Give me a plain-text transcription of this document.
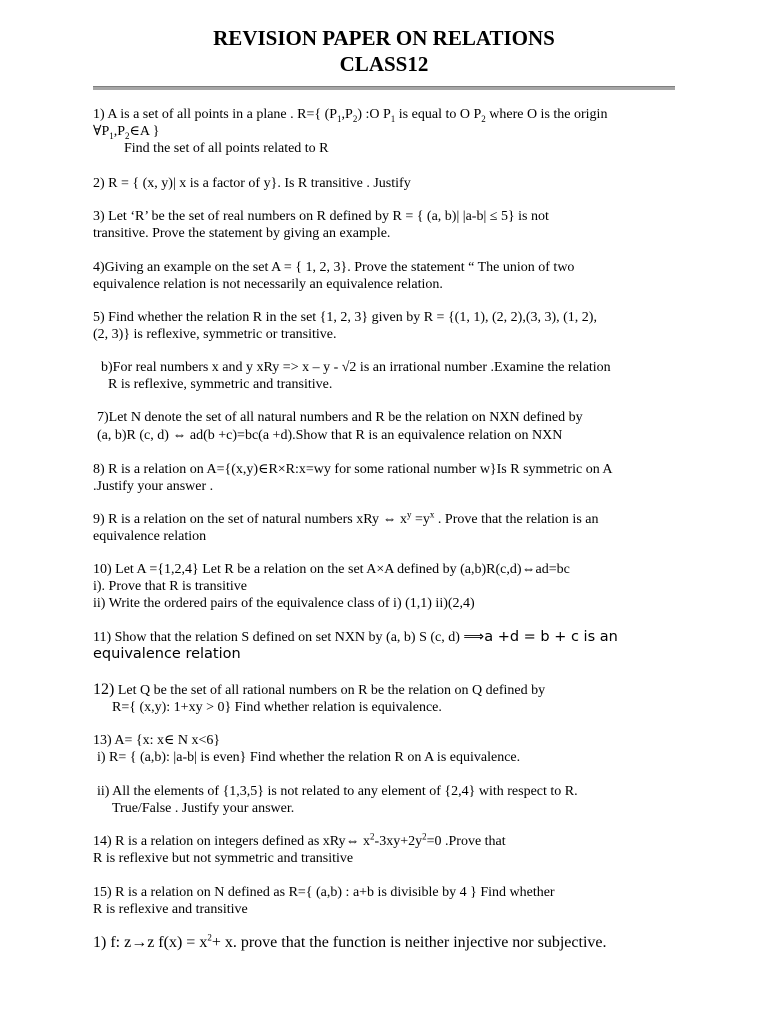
REVISION PAPER ON RELATIONS
CLASS12
1) A is a set of all points in a plane . R={ $(P_1,P_2)$ :O $P_1$ is equal to O $P_2$ where O is the origin
$\forall P_1,P_2\in A$ }
Find the set of all points related to R
2) R = { (x, y)| x is a factor of y}. Is R transitive . Justify
3) Let ‘R’ be the set of real numbers on R defined by R = { (a, b)| |a-b| ≤ 5} is not
transitive. Prove the statement by giving an example.
4)Giving an example on the set A = { 1, 2, 3}. Prove the statement “ The union of two
equivalence relation is not necessarily an equivalence relation.
5) Find whether the relation R in the set {1, 2, 3} given by R = {(1, 1), (2, 2),(3, 3), (1, 2),
(2, 3)} is reflexive, symmetric or transitive.
b)For real numbers x and y xRy => x – y - √2 is an irrational number .Examine the relation
R is reflexive, symmetric and transitive.
7)Let N denote the set of all natural numbers and R be the relation on NXN defined by
(a, b)R (c, d) ⇔ ad(b +c)=bc(a +d).Show that R is an equivalence relation on NXN
8) R is a relation on A={(x,y)∈R×R:x=wy for some rational number w}Is R symmetric on A
.Justify your answer .
9) R is a relation on the set of natural numbers xRy ⇔ $x^y =y^x$ . Prove that the relation is an
equivalence relation
10) Let A ={1,2,4} Let R be a relation on the set A×A defined by (a,b)R(c,d)⇔ad=bc
i). Prove that R is transitive
ii) Write the ordered pairs of the equivalence class of i) (1,1) ii)(2,4)
11) Show that the relation S defined on set NXN by (a, b) S (c, d) ⟹a +d = b + c is an
equivalence relation
12) Let Q be the set of all rational numbers on R be the relation on Q defined by
R={ (x,y): 1+xy > 0} Find whether relation is equivalence.
13) A= {x: x∈ N x<6}
i) R= { (a,b): |a-b| is even} Find whether the relation R on A is equivalence.
ii) All the elements of {1,3,5} is not related to any element of {2,4} with respect to R.
True/False . Justify your answer.
14) R is a relation on integers defined as xRy⇔ $x^2-3xy+2y^2=0$ .Prove that
R is reflexive but not symmetric and transitive
15) R is a relation on N defined as R={ (a,b) : a+b is divisible by 4 } Find whether
R is reflexive and transitive
1) f: z→z $f(x) = x^2+ x$. prove that the function is neither injective nor subjective.
